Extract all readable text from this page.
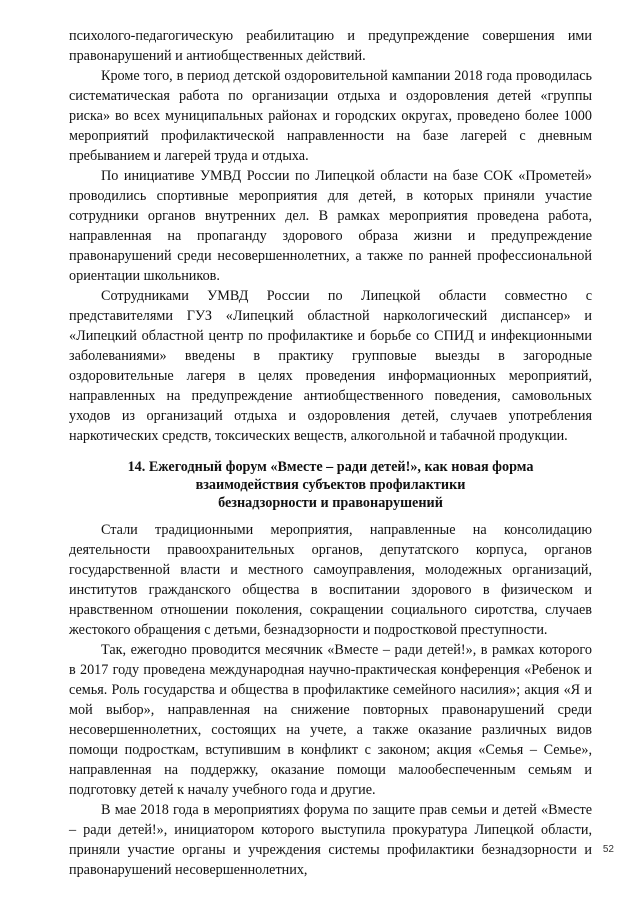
психолого-педагогическую реабилитацию и предупреждение совершения ими правонарушений и антиобщественных действий.

Кроме того, в период детской оздоровительной кампании 2018 года проводилась систематическая работа по организации отдыха и оздоровления детей «группы риска» во всех муниципальных районах и городских округах, проведено более 1000 мероприятий профилактической направленности на базе лагерей с дневным пребыванием и лагерей труда и отдыха.

По инициативе УМВД России по Липецкой области на базе СОК «Прометей» проводились спортивные мероприятия для детей, в которых приняли участие сотрудники органов внутренних дел. В рамках мероприятия проведена работа, направленная на пропаганду здорового образа жизни и предупреждение правонарушений среди несовершеннолетних, а также по ранней профессиональной ориентации школьников.

Сотрудниками УМВД России по Липецкой области совместно с представителями ГУЗ «Липецкий областной наркологический диспансер» и «Липецкий областной центр по профилактике и борьбе со СПИД и инфекционными заболеваниями» введены в практику групповые выезды в загородные оздоровительные лагеря в целях проведения информационных мероприятий, направленных на предупреждение антиобщественного поведения, самовольных уходов из организаций отдыха и оздоровления детей, случаев употребления наркотических средств, токсических веществ, алкогольной и табачной продукции.

14. Ежегодный форум «Вместе – ради детей!», как новая форма
взаимодействия субъектов профилактики
безнадзорности и правонарушений

Стали традиционными мероприятия, направленные на консолидацию деятельности правоохранительных органов, депутатского корпуса, органов государственной власти и местного самоуправления, молодежных организаций, институтов гражданского общества в воспитании здорового в физическом и нравственном отношении поколения, сокращении социального сиротства, случаев жестокого обращения с детьми, безнадзорности и подростковой преступности.

Так, ежегодно проводится месячник «Вместе – ради детей!», в рамках которого в 2017 году проведена международная научно-практическая конференция «Ребенок и семья. Роль государства и общества в профилактике семейного насилия»; акция «Я и мой выбор», направленная на снижение повторных правонарушений среди несовершеннолетних, состоящих на учете, а также оказание различных видов помощи подросткам, вступившим в конфликт с законом; акция «Семья – Семье», направленная на поддержку, оказание помощи малообеспеченным семьям и подготовку детей к началу учебного года и другие.

В мае 2018 года в мероприятиях форума по защите прав семьи и детей «Вместе – ради детей!», инициатором которого выступила прокуратура Липецкой области, приняли участие органы и учреждения системы профилактики безнадзорности и правонарушений несовершеннолетних,

52
